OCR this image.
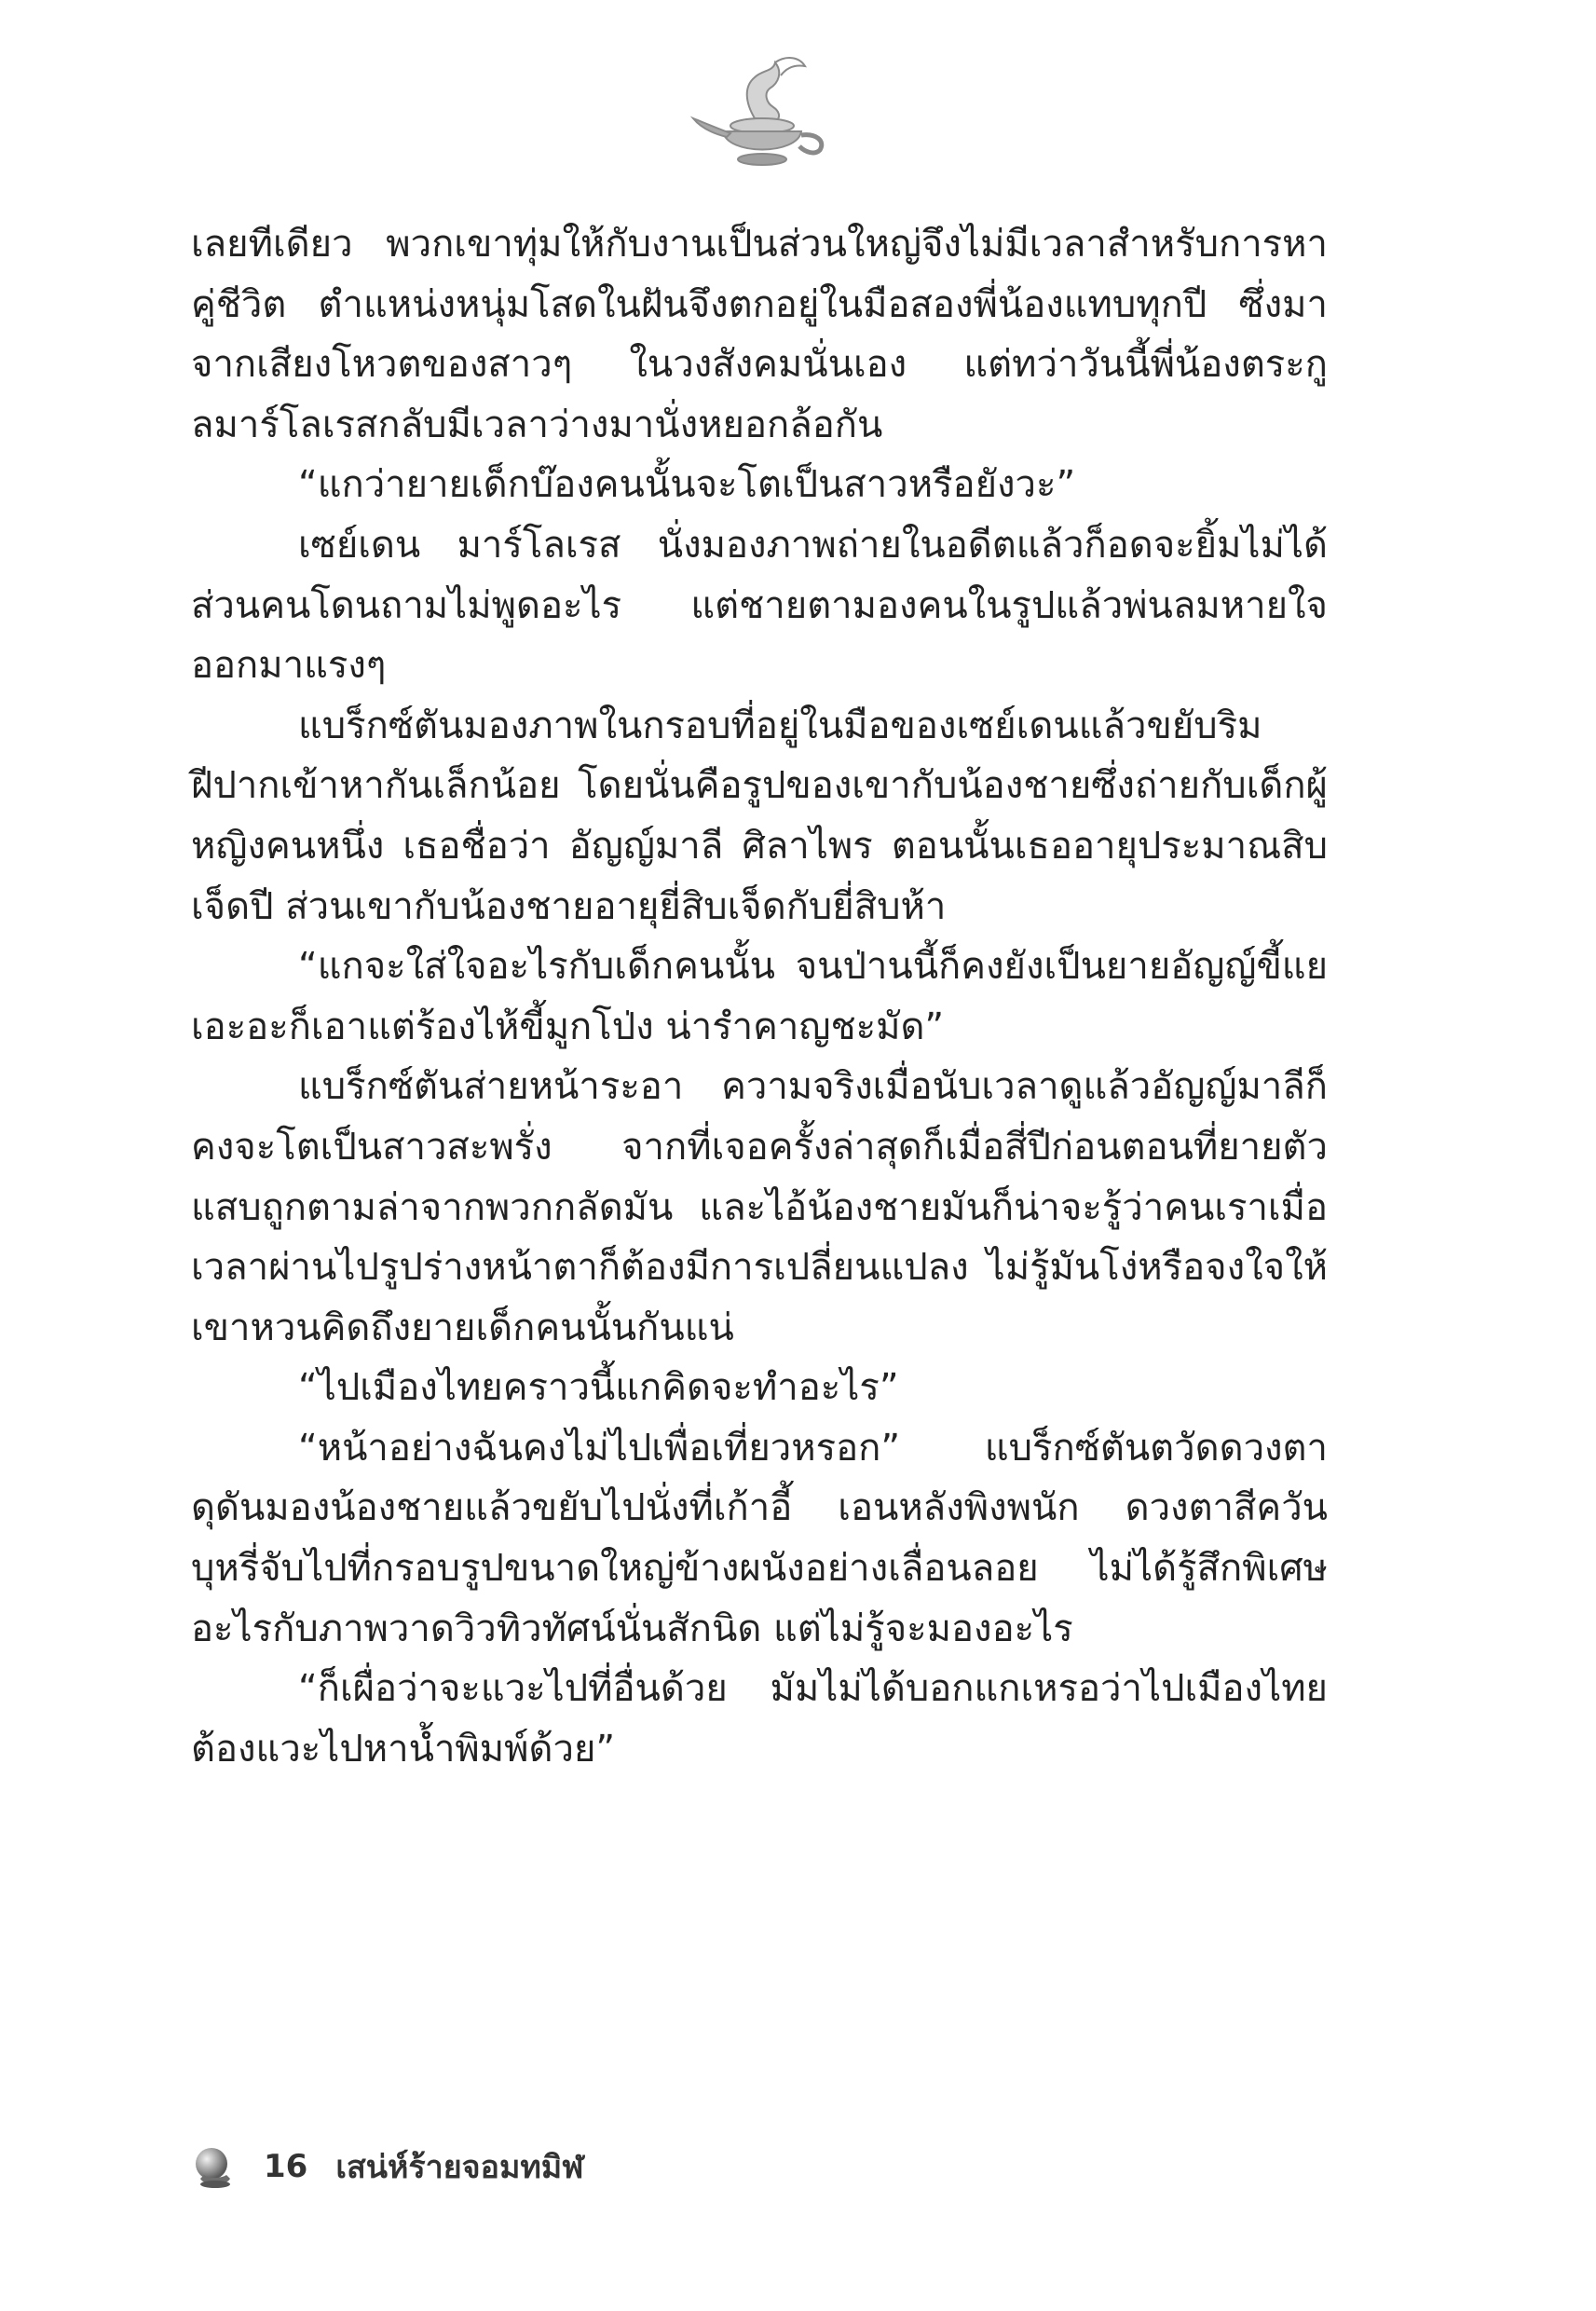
เลยทีเดียว พวกเขาทุ่มให้กับงานเป็นส่วนใหญ่จึงไม่มีเวลาสำหรับการหาคู่ชีวิต ตำแหน่งหนุ่มโสดในฝันจึงตกอยู่ในมือสองพี่น้องแทบทุกปี ซึ่งมาจากเสียงโหวตของสาวๆ ในวงสังคมนั่นเอง แต่ทว่าวันนี้พี่น้องตระกูลมาร์โลเรสกลับมีเวลาว่างมานั่งหยอกล้อกัน

“แกว่ายายเด็กบ๊องคนนั้นจะโตเป็นสาวหรือยังวะ”

เซย์เดน มาร์โลเรส นั่งมองภาพถ่ายในอดีตแล้วก็อดจะยิ้มไม่ได้ ส่วนคนโดนถามไม่พูดอะไร แต่ชายตามองคนในรูปแล้วพ่นลมหายใจออกมาแรงๆ

แบร็กซ์ตันมองภาพในกรอบที่อยู่ในมือของเซย์เดนแล้วขยับริมฝีปากเข้าหากันเล็กน้อย โดยนั่นคือรูปของเขากับน้องชายซึ่งถ่ายกับเด็กผู้หญิงคนหนึ่ง เธอชื่อว่า อัญญ์มาลี ศิลาไพร ตอนนั้นเธออายุประมาณสิบเจ็ดปี ส่วนเขากับน้องชายอายุยี่สิบเจ็ดกับยี่สิบห้า

“แกจะใส่ใจอะไรกับเด็กคนนั้น จนป่านนี้ก็คงยังเป็นยายอัญญ์ขี้แย เอะอะก็เอาแต่ร้องไห้ขี้มูกโป่ง น่ารำคาญชะมัด”

แบร็กซ์ตันส่ายหน้าระอา ความจริงเมื่อนับเวลาดูแล้วอัญญ์มาลีก็คงจะโตเป็นสาวสะพรั่ง จากที่เจอครั้งล่าสุดก็เมื่อสี่ปีก่อนตอนที่ยายตัวแสบถูกตามล่าจากพวกกลัดมัน และไอ้น้องชายมันก็น่าจะรู้ว่าคนเราเมื่อเวลาผ่านไปรูปร่างหน้าตาก็ต้องมีการเปลี่ยนแปลง ไม่รู้มันโง่หรือจงใจให้เขาหวนคิดถึงยายเด็กคนนั้นกันแน่

“ไปเมืองไทยคราวนี้แกคิดจะทำอะไร”

“หน้าอย่างฉันคงไม่ไปเพื่อเที่ยวหรอก” แบร็กซ์ตันตวัดดวงตาดุดันมองน้องชายแล้วขยับไปนั่งที่เก้าอี้ เอนหลังพิงพนัก ดวงตาสีควันบุหรี่จับไปที่กรอบรูปขนาดใหญ่ข้างผนังอย่างเลื่อนลอย ไม่ได้รู้สึกพิเศษอะไรกับภาพวาดวิวทิวทัศน์นั่นสักนิด แต่ไม่รู้จะมองอะไร

“ก็เผื่อว่าจะแวะไปที่อื่นด้วย มัมไม่ได้บอกแกเหรอว่าไปเมืองไทยต้องแวะไปหาน้ำพิมพ์ด้วย”

16 เสน่ห์ร้ายจอมทมิฬ
